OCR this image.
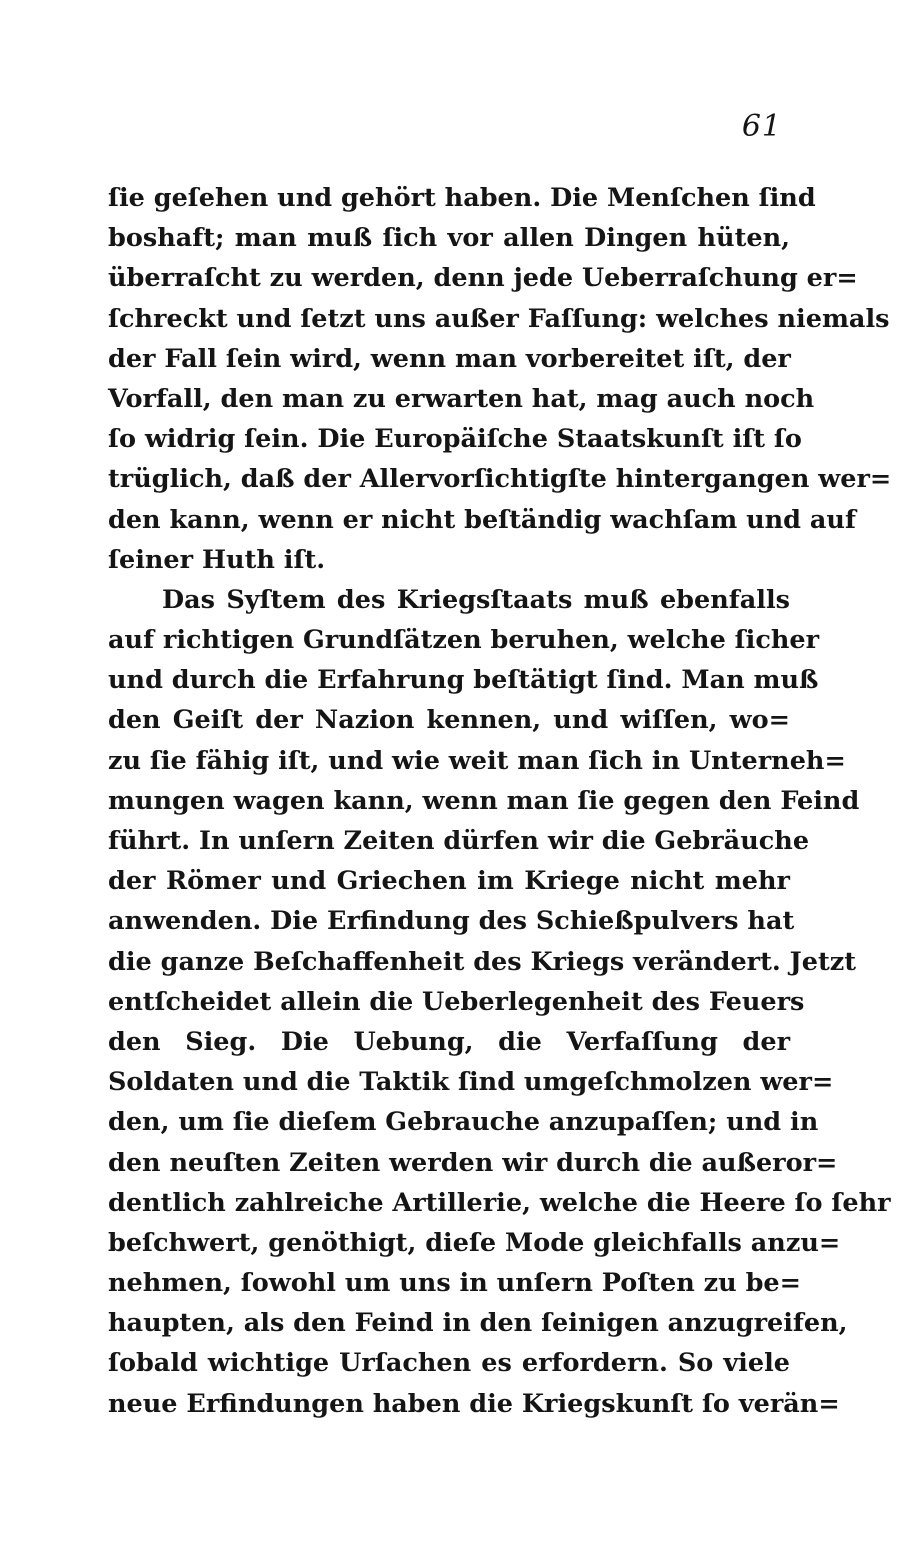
61
ſie geſehen und gehört haben. Die Menſchen ſind
boshaft; man muß ſich vor allen Dingen hüten,
überraſcht zu werden, denn jede Ueberraſchung er=
ſchreckt und ſetzt uns außer Faſſung: welches niemals
der Fall ſein wird, wenn man vorbereitet iſt, der
Vorfall, den man zu erwarten hat, mag auch noch
ſo widrig ſein. Die Europäiſche Staatskunſt iſt ſo
trüglich, daß der Allervorſichtigſte hintergangen wer=
den kann, wenn er nicht beſtändig wachſam und auf
ſeiner Huth iſt.
Das Syſtem des Kriegsſtaats muß ebenfalls
auf richtigen Grundſätzen beruhen, welche ſicher
und durch die Erfahrung beſtätigt ſind. Man muß
den Geiſt der Nazion kennen, und wiſſen, wo=
zu ſie fähig iſt, und wie weit man ſich in Unterneh=
mungen wagen kann, wenn man ſie gegen den Feind
führt. In unſern Zeiten dürfen wir die Gebräuche
der Römer und Griechen im Kriege nicht mehr
anwenden. Die Erfindung des Schießpulvers hat
die ganze Beſchaffenheit des Kriegs verändert. Jetzt
entſcheidet allein die Ueberlegenheit des Feuers
den Sieg. Die Uebung, die Verfaſſung der
Soldaten und die Taktik ſind umgeſchmolzen wer=
den, um ſie dieſem Gebrauche anzupaſſen; und in
den neuſten Zeiten werden wir durch die außeror=
dentlich zahlreiche Artillerie, welche die Heere ſo ſehr
beſchwert, genöthigt, dieſe Mode gleichfalls anzu=
nehmen, ſowohl um uns in unſern Poſten zu be=
haupten, als den Feind in den ſeinigen anzugreifen,
ſobald wichtige Urſachen es erfordern. So viele
neue Erfindungen haben die Kriegskunſt ſo verän=
